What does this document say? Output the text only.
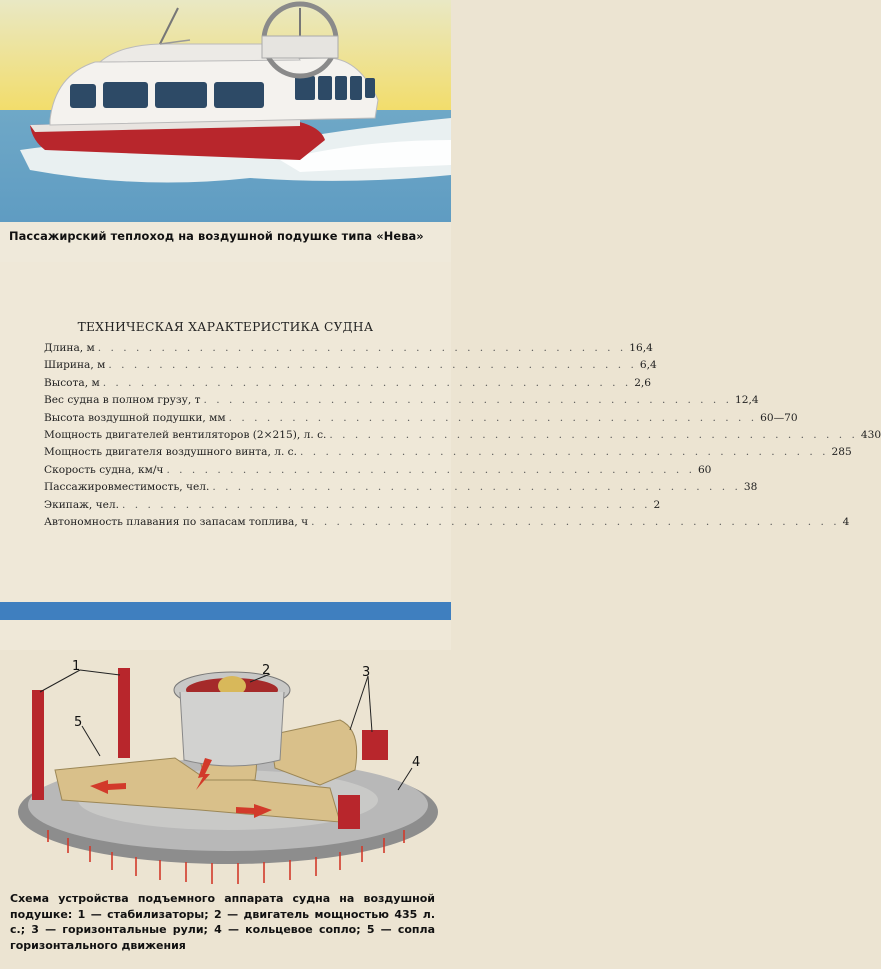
Пассажирский теплоход на воздушной подушке типа «Нева»
ТЕХНИЧЕСКАЯ ХАРАКТЕРИСТИКА СУДНА
Длина, м . . . . . . . . . . . . . . . . . . . . . . . . . . . . . . . . . . . . . . . . . . 16,4
Ширина, м . . . . . . . . . . . . . . . . . . . . . . . . . . . . . . . . . . . . . . . . . . 6,4
Высота, м . . . . . . . . . . . . . . . . . . . . . . . . . . . . . . . . . . . . . . . . . . 2,6
Вес судна в полном грузу, т . . . . . . . . . . . . . . . . . . . . . . . . . . . . . . . . . . . . . . . . . . 12,4
Высота воздушной подушки, мм . . . . . . . . . . . . . . . . . . . . . . . . . . . . . . . . . . . . . . . . . . 60—70
Мощность двигателей вентиляторов (2⨯215), л. с. . . . . . . . . . . . . . . . . . . . . . . . . . . . . . . . . . . . . . . . . . . 430
Мощность двигателя воздушного винта, л. с. . . . . . . . . . . . . . . . . . . . . . . . . . . . . . . . . . . . . . . . . . . 285
Скорость судна, км/ч . . . . . . . . . . . . . . . . . . . . . . . . . . . . . . . . . . . . . . . . . . 60
Пассажировместимость, чел. . . . . . . . . . . . . . . . . . . . . . . . . . . . . . . . . . . . . . . . . . . 38
Экипаж, чел. . . . . . . . . . . . . . . . . . . . . . . . . . . . . . . . . . . . . . . . . . . 2
Автономность плавания по запасам топлива, ч . . . . . . . . . . . . . . . . . . . . . . . . . . . . . . . . . . . . . . . . . . 4
1	2	3
4
5
Схема устройства подъемного аппарата судна на воздушной подушке: 1 — стабилизаторы; 2 — двигатель мощностью 435 л. с.; 3 — горизонтальные рули; 4 — кольцевое сопло; 5 — сопла горизонтального движения
